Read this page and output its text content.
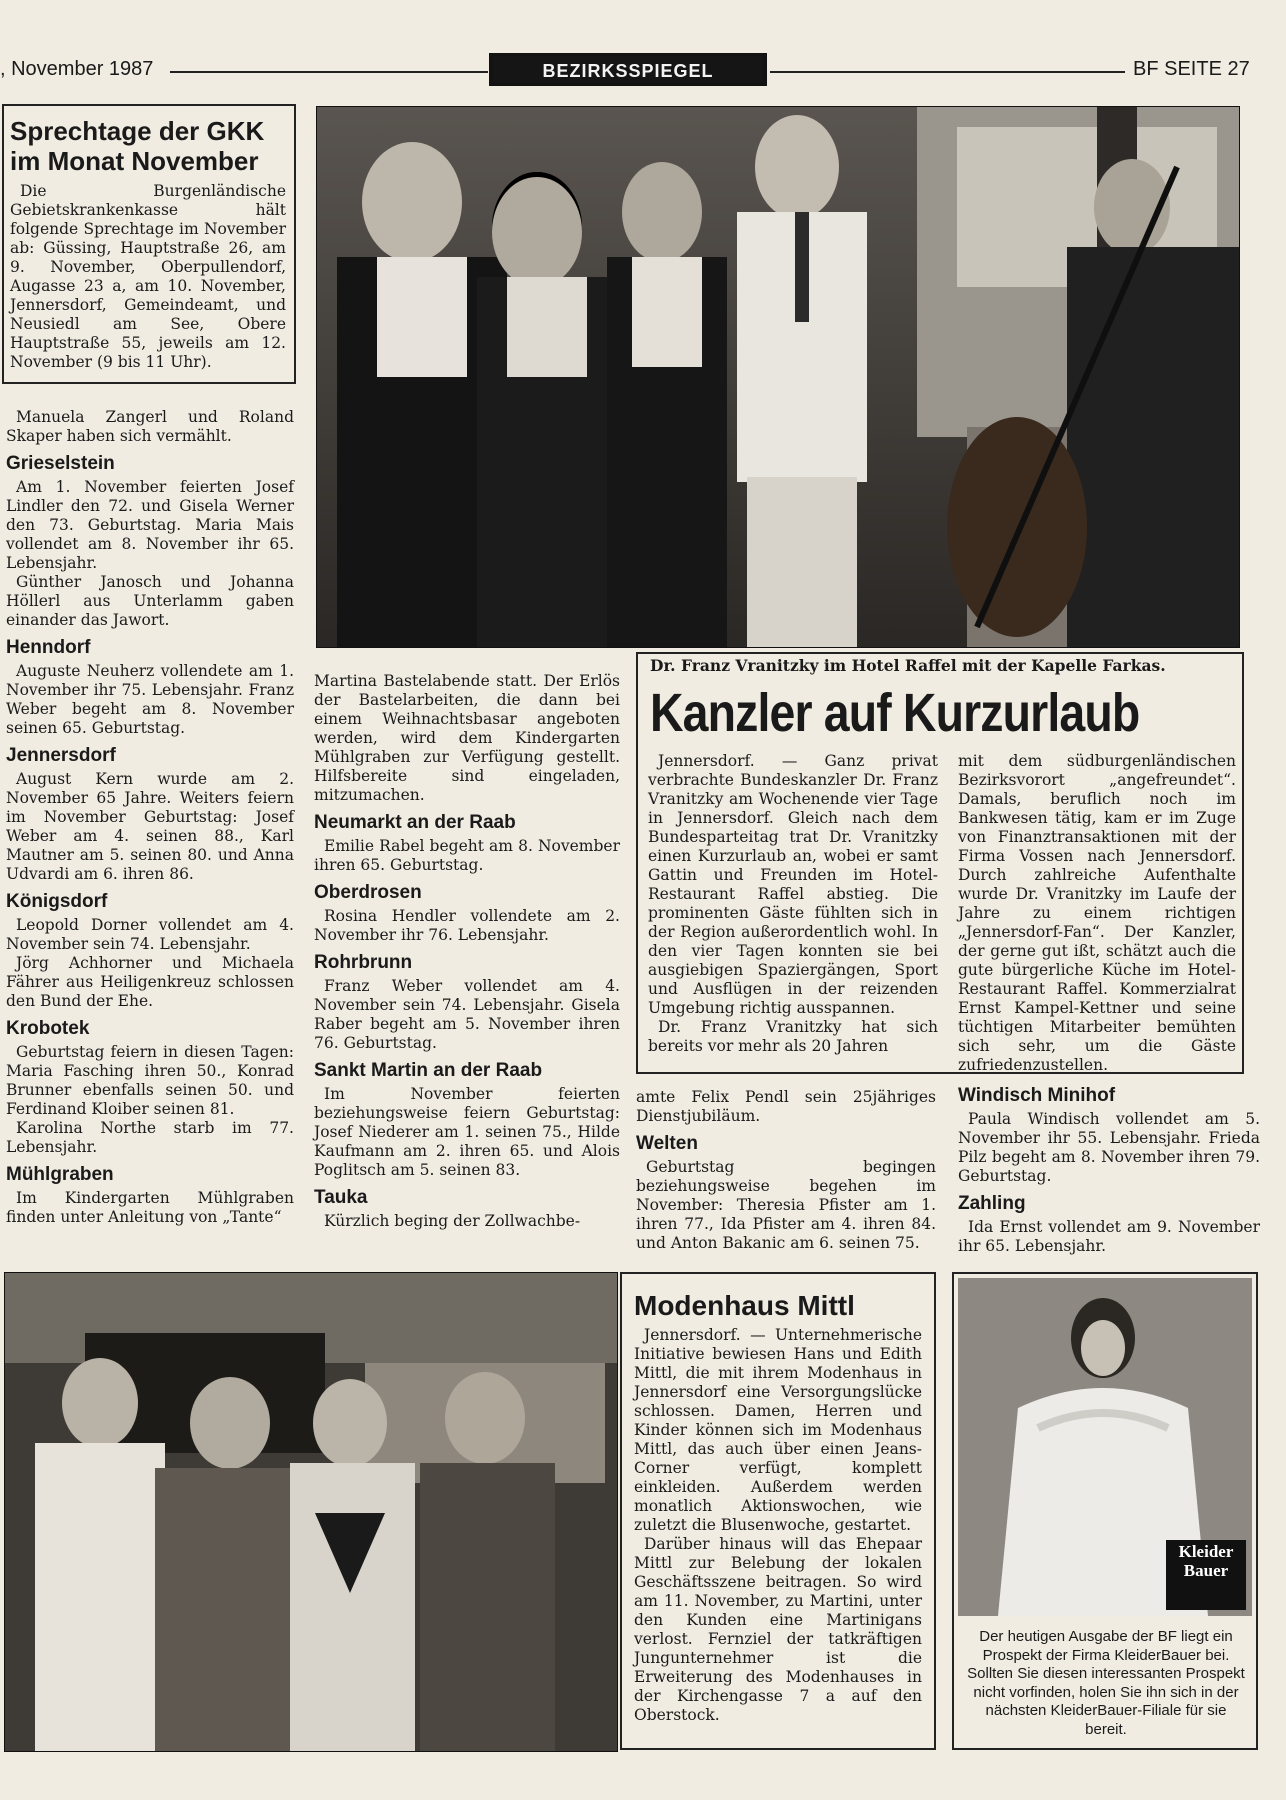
, November 1987	BEZIRKSSPIEGEL	BF SEITE 27
Sprechtage der GKK
im Monat November

Die Burgenländische Gebietskrankenkasse hält folgende Sprechtage im November ab: Güssing, Hauptstraße 26, am 9. November, Oberpullendorf, Augasse 23 a, am 10. November, Jennersdorf, Gemeindeamt, und Neusiedl am See, Obere Hauptstraße 55, jeweils am 12. November (9 bis 11 Uhr).

Manuela Zangerl und Roland Skaper haben sich vermählt.

Grieselstein

Am 1. November feierten Josef Lindler den 72. und Gisela Werner den 73. Geburtstag. Maria Mais vollendet am 8. November ihr 65. Lebensjahr.

Günther Janosch und Johanna Höllerl aus Unterlamm gaben einander das Jawort.

Henndorf

Auguste Neuherz vollendete am 1. November ihr 75. Lebensjahr. Franz Weber begeht am 8. November seinen 65. Geburtstag.

Jennersdorf

August Kern wurde am 2. November 65 Jahre. Weiters feiern im November Geburtstag: Josef Weber am 4. seinen 88., Karl Mautner am 5. seinen 80. und Anna Udvardi am 6. ihren 86.

Königsdorf

Leopold Dorner vollendet am 4. November sein 74. Lebensjahr.

Jörg Achhorner und Michaela Fährer aus Heiligenkreuz schlossen den Bund der Ehe.

Krobotek

Geburtstag feiern in diesen Tagen: Maria Fasching ihren 50., Konrad Brunner ebenfalls seinen 50. und Ferdinand Kloiber seinen 81.

Karolina Northe starb im 77. Lebensjahr.

Mühlgraben

Im Kindergarten Mühlgraben finden unter Anleitung von „Tante“

Dr. Franz Vranitzky im Hotel Raffel mit der Kapelle Farkas.
Kanzler auf Kurzurlaub

Jennersdorf. — Ganz privat verbrachte Bundeskanzler Dr. Franz Vranitzky am Wochenende vier Tage in Jennersdorf. Gleich nach dem Bundesparteitag trat Dr. Vranitzky einen Kurzurlaub an, wobei er samt Gattin und Freunden im Hotel-Restaurant Raffel abstieg. Die prominenten Gäste fühlten sich in der Region außerordentlich wohl. In den vier Tagen konnten sie bei ausgiebigen Spaziergängen, Sport und Ausflügen in der reizenden Umgebung richtig ausspannen.

Dr. Franz Vranitzky hat sich bereits vor mehr als 20 Jahren

mit dem südburgenländischen Bezirksvorort „angefreundet“. Damals, beruflich noch im Bankwesen tätig, kam er im Zuge von Finanztransaktionen mit der Firma Vossen nach Jennersdorf. Durch zahlreiche Aufenthalte wurde Dr. Vranitzky im Laufe der Jahre zu einem richtigen „Jennersdorf-Fan“. Der Kanzler, der gerne gut ißt, schätzt auch die gute bürgerliche Küche im Hotel-Restaurant Raffel. Kommerzialrat Ernst Kampel-Kettner und seine tüchtigen Mitarbeiter bemühten sich sehr, um die Gäste zufriedenzustellen.

Martina Bastelabende statt. Der Erlös der Bastelarbeiten, die dann bei einem Weihnachtsbasar angeboten werden, wird dem Kindergarten Mühlgraben zur Verfügung gestellt. Hilfsbereite sind eingeladen, mitzumachen.

Neumarkt an der Raab

Emilie Rabel begeht am 8. November ihren 65. Geburtstag.

Oberdrosen

Rosina Hendler vollendete am 2. November ihr 76. Lebensjahr.

Rohrbrunn

Franz Weber vollendet am 4. November sein 74. Lebensjahr. Gisela Raber begeht am 5. November ihren 76. Geburtstag.

Sankt Martin an der Raab

Im November feierten beziehungsweise feiern Geburtstag: Josef Niederer am 1. seinen 75., Hilde Kaufmann am 2. ihren 65. und Alois Poglitsch am 5. seinen 83.

Tauka

Kürzlich beging der Zollwachbe-

amte Felix Pendl sein 25jähriges Dienstjubiläum.

Welten

Geburtstag begingen beziehungsweise begehen im November: Theresia Pfister am 1. ihren 77., Ida Pfister am 4. ihren 84. und Anton Bakanic am 6. seinen 75.

Windisch Minihof

Paula Windisch vollendet am 5. November ihr 55. Lebensjahr. Frieda Pilz begeht am 8. November ihren 79. Geburtstag.

Zahling

Ida Ernst vollendet am 9. November ihr 65. Lebensjahr.

Modenhaus Mittl

Jennersdorf. — Unternehmerische Initiative bewiesen Hans und Edith Mittl, die mit ihrem Modenhaus in Jennersdorf eine Versorgungslücke schlossen. Damen, Herren und Kinder können sich im Modenhaus Mittl, das auch über einen Jeans-Corner verfügt, komplett einkleiden. Außerdem werden monatlich Aktionswochen, wie zuletzt die Blusenwoche, gestartet.

Darüber hinaus will das Ehepaar Mittl zur Belebung der lokalen Geschäftsszene beitragen. So wird am 11. November, zu Martini, unter den Kunden eine Martinigans verlost. Fernziel der tatkräftigen Jungunternehmer ist die Erweiterung des Modenhauses in der Kirchengasse 7 a auf den Oberstock.

Kleider
Bauer
Der heutigen Ausgabe der BF liegt ein Prospekt der Firma KleiderBauer bei. Sollten Sie diesen interessanten Prospekt nicht vorfinden, holen Sie ihn sich in der nächsten KleiderBauer-Filiale für sie bereit.
